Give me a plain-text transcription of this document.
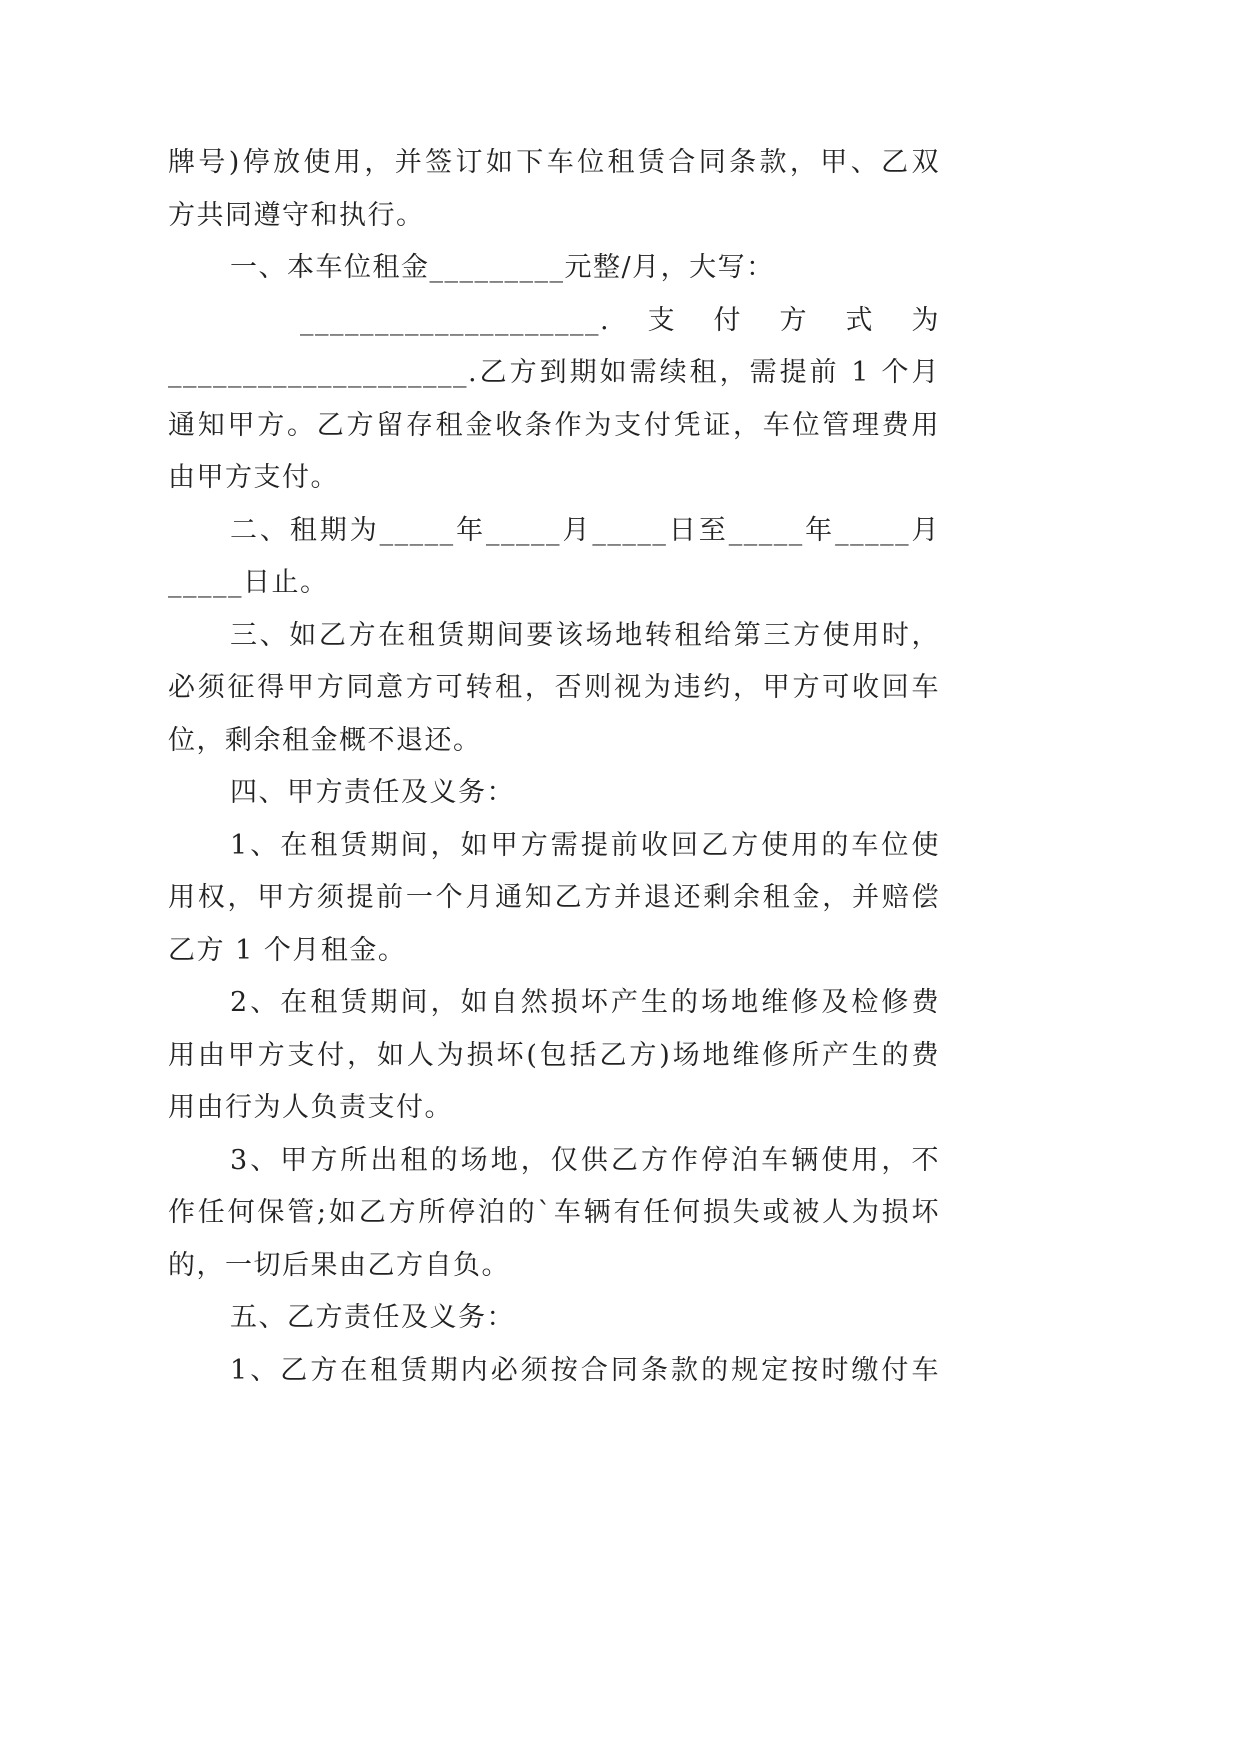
牌号)停放使用，并签订如下车位租赁合同条款，甲、乙双
方共同遵守和执行。
一、本车位租金_________元整/月，大写：
____________________.支付方式为
____________________.乙方到期如需续租，需提前 1 个月
通知甲方。乙方留存租金收条作为支付凭证，车位管理费用
由甲方支付。
二、租期为_____年_____月_____日至_____年_____月
_____日止。
三、如乙方在租赁期间要该场地转租给第三方使用时，
必须征得甲方同意方可转租，否则视为违约，甲方可收回车
位，剩余租金概不退还。
四、甲方责任及义务：
1、在租赁期间，如甲方需提前收回乙方使用的车位使
用权，甲方须提前一个月通知乙方并退还剩余租金，并赔偿
乙方 1 个月租金。
2、在租赁期间，如自然损坏产生的场地维修及检修费
用由甲方支付，如人为损坏(包括乙方)场地维修所产生的费
用由行为人负责支付。
3、甲方所出租的场地，仅供乙方作停泊车辆使用，不
作任何保管;如乙方所停泊的`车辆有任何损失或被人为损坏
的，一切后果由乙方自负。
五、乙方责任及义务：
1、乙方在租赁期内必须按合同条款的规定按时缴付车
